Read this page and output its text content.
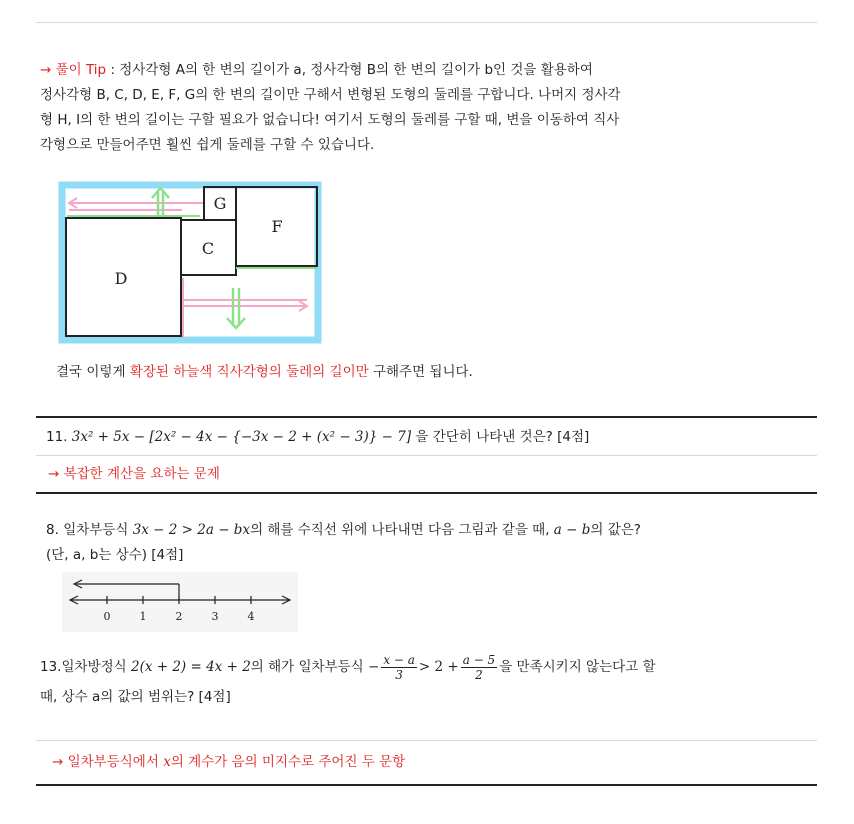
→ 풀이 Tip : 정사각형 A의 한 변의 길이가 a, 정사각형 B의 한 변의 길이가 b인 것을 활용하여
정사각형 B, C, D, E, F, G의 한 변의 길이만 구해서 변형된 도형의 둘레를 구합니다. 나머지 정사각
형 H, I의 한 변의 길이는 구할 필요가 없습니다! 여기서 도형의 둘레를 구할 때, 변을 이동하여 직사
각형으로 만들어주면 훨씬 쉽게 둘레를 구할 수 있습니다.
G
F
C
D
결국 이렇게 확장된 하늘색 직사각형의 둘레의 길이만 구해주면 됩니다.
11. 3x² + 5x − [2x² − 4x − {−3x − 2 + (x² − 3)} − 7] 을 간단히 나타낸 것은? [4점]
→ 복잡한 계산을 요하는 문제
8. 일차부등식 3x − 2 > 2a − bx의 해를 수직선 위에 나타내면 다음 그림과 같을 때, a − b의 값은?
(단, a, b는 상수) [4점]
0	1	2	3	4
13.일차방정식 2(x + 2) = 4x + 2의 해가 일차부등식 − $\frac{x - a}{3} > 2 + \frac{a - 5}{2}$ 을 만족시키지 않는다고 할
때, 상수 a의 값의 범위는? [4점]
→ 일차부등식에서 x의 계수가 음의 미지수로 주어진 두 문항
